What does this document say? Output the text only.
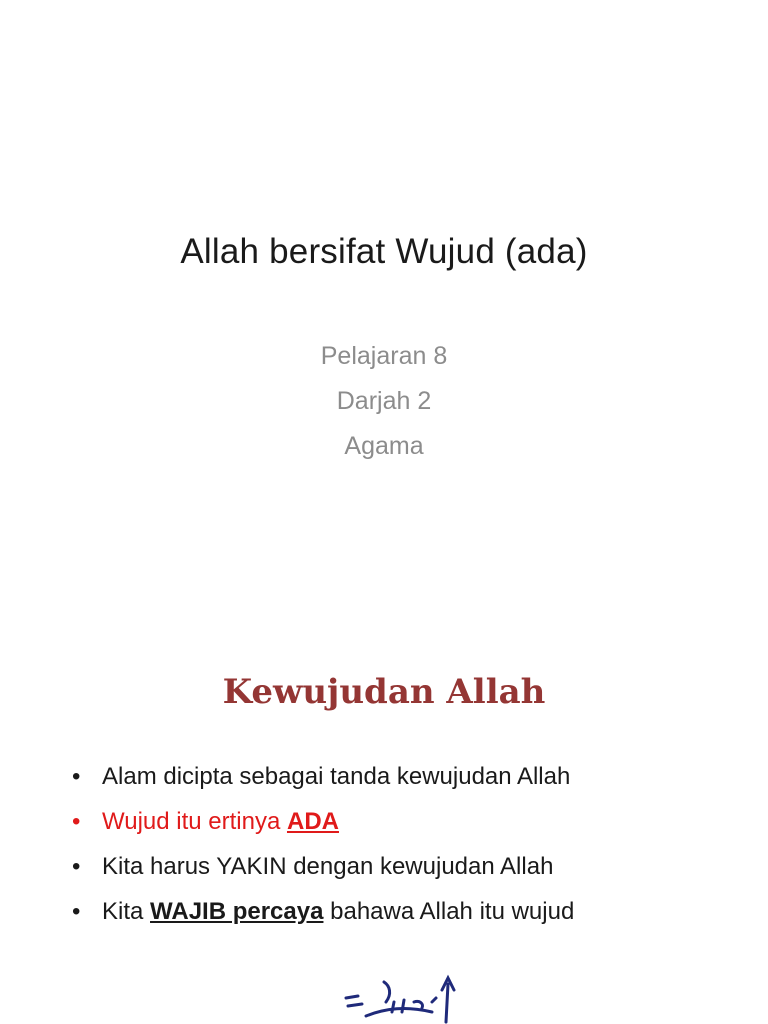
Allah bersifat Wujud (ada)
Pelajaran 8
Darjah 2
Agama
Kewujudan Allah
• Alam dicipta sebagai tanda kewujudan Allah
• Wujud itu ertinya ADA
• Kita harus YAKIN dengan kewujudan Allah
• Kita WAJIB percaya bahawa Allah itu wujud
